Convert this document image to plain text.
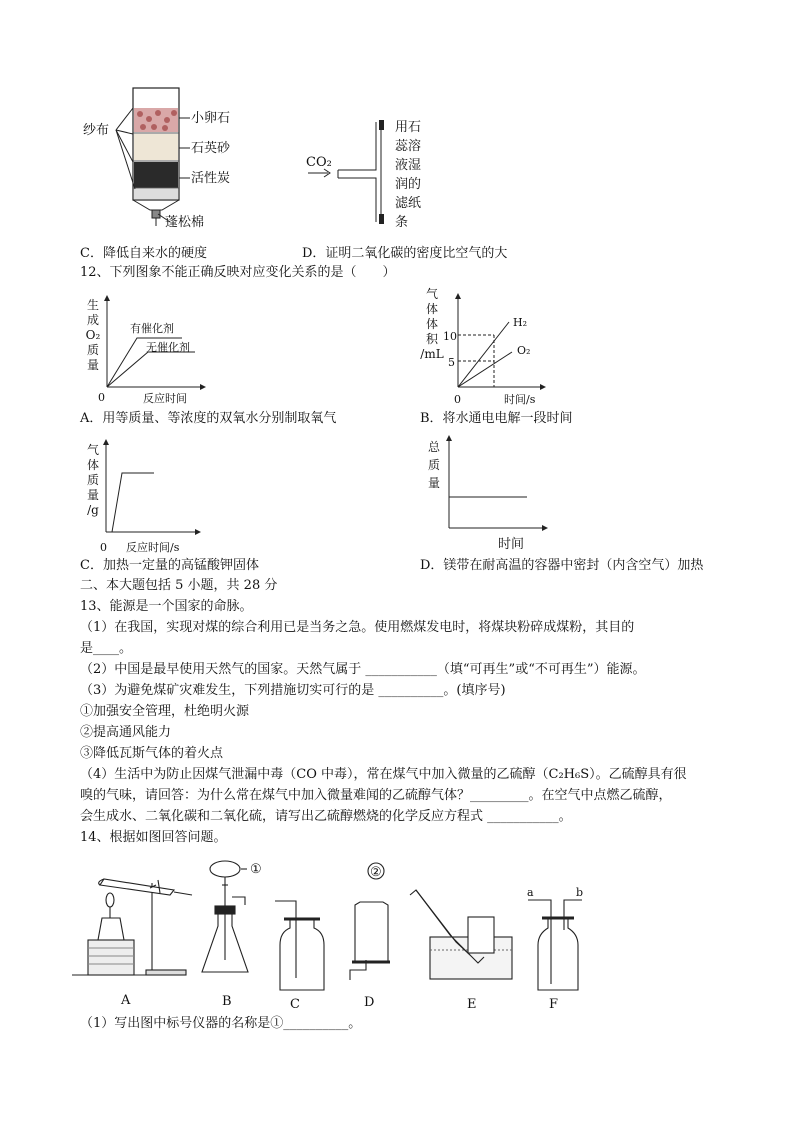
纱布
小卵石
石英砂
活性炭
蓬松棉
C．降低自来水的硬度
CO₂
用石
蕊溶
液湿
润的
滤纸
条
D．证明二氧化碳的密度比空气的大
12、下列图象不能正确反映对应变化关系的是（　　）
生
成
O₂
质
量
0
有催化剂
无催化剂
反应时间
A．用等质量、等浓度的双氧水分别制取氧气
气
体
体
积
/mL
10
5
0
H₂
O₂
时间/s
B．将水通电电解一段时间
气
体
质
量
/g
0 反应时间/s
C．加热一定量的高锰酸钾固体
总
质
量
时间
D．镁带在耐高温的容器中密封（内含空气）加热
二、本大题包括 5 小题，共 28 分
13、能源是一个国家的命脉。
（1）在我国，实现对煤的综合利用已是当务之急。使用燃煤发电时，将煤块粉碎成煤粉，其目的
是____。
（2）中国是最早使用天然气的国家。天然气属于 ___________（填“可再生”或“不可再生”）能源。
（3）为避免煤矿灾难发生，下列措施切实可行的是 __________。(填序号)
①加强安全管理，杜绝明火源
②提高通风能力
③降低瓦斯气体的着火点
（4）生活中为防止因煤气泄漏中毒（CO 中毒），常在煤气中加入微量的乙硫醇（C₂H₆S）。乙硫醇具有很
嗅的气味，请回答：为什么常在煤气中加入微量难闻的乙硫醇气体？_________。在空气中点燃乙硫醇，
会生成水、二氧化碳和二氧化硫，请写出乙硫醇燃烧的化学反应方程式 ___________。
14、根据如图回答问题。
①	②
a	b
A	B	C	D	E	F
（1）写出图中标号仪器的名称是①__________。
